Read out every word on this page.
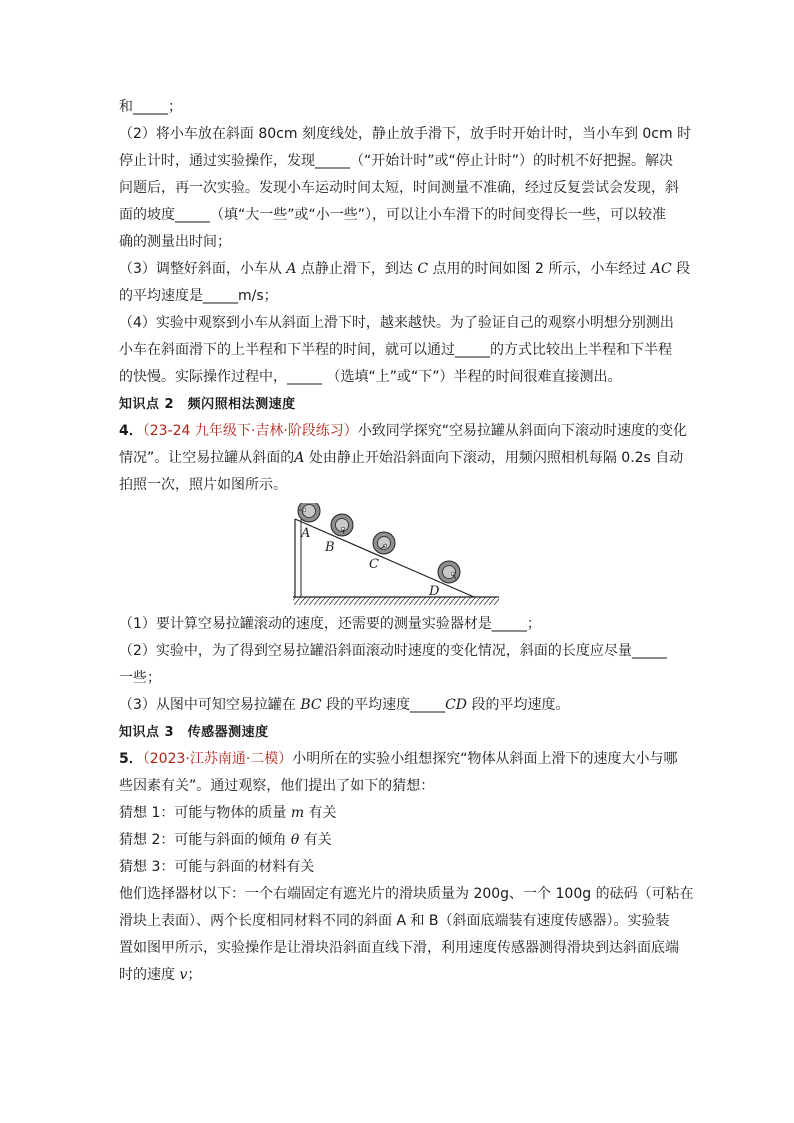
和_____；
（2）将小车放在斜面 80cm 刻度线处，静止放手滑下，放手时开始计时，当小车到 0cm 时
停止计时，通过实验操作，发现_____（“开始计时”或“停止计时”）的时机不好把握。解决
问题后，再一次实验。发现小车运动时间太短，时间测量不准确，经过反复尝试会发现，斜
面的坡度_____（填“大一些”或“小一些”），可以让小车滑下的时间变得长一些，可以较准
确的测量出时间；
（3）调整好斜面，小车从 A 点静止滑下，到达 C 点用的时间如图 2 所示，小车经过 AC 段
的平均速度是_____m/s；
（4）实验中观察到小车从斜面上滑下时，越来越快。为了验证自己的观察小明想分别测出
小车在斜面滑下的上半程和下半程的时间，就可以通过_____的方式比较出上半程和下半程
的快慢。实际操作过程中，_____ （选填“上”或“下”）半程的时间很难直接测出。
知识点 2　频闪照相法测速度
4．（23-24 九年级下·吉林·阶段练习）小致同学探究“空易拉罐从斜面向下滚动时速度的变化
情况”。让空易拉罐从斜面的A 处由静止开始沿斜面向下滚动，用频闪照相机每隔 0.2s 自动
拍照一次，照片如图所示。
A
B
C
D
（1）要计算空易拉罐滚动的速度，还需要的测量实验器材是_____；
（2）实验中，为了得到空易拉罐沿斜面滚动时速度的变化情况，斜面的长度应尽量_____
一些；
（3）从图中可知空易拉罐在 BC 段的平均速度_____CD 段的平均速度。
知识点 3　传感器测速度
5．（2023·江苏南通·二模）小明所在的实验小组想探究“物体从斜面上滑下的速度大小与哪
些因素有关”。通过观察，他们提出了如下的猜想：
猜想 1：可能与物体的质量 m 有关
猜想 2：可能与斜面的倾角 θ 有关
猜想 3：可能与斜面的材料有关
他们选择器材以下：一个右端固定有遮光片的滑块质量为 200g、一个 100g 的砝码（可粘在
滑块上表面）、两个长度相同材料不同的斜面 A 和 B（斜面底端装有速度传感器）。实验装
置如图甲所示，实验操作是让滑块沿斜面直线下滑，利用速度传感器测得滑块到达斜面底端
时的速度 v；
